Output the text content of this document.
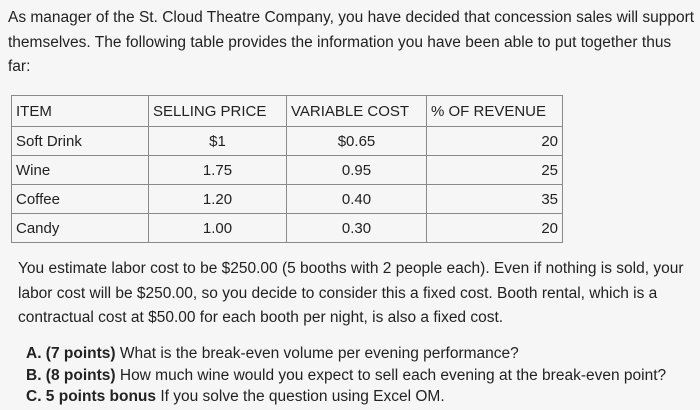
As manager of the St. Cloud Theatre Company, you have decided that concession sales will support
themselves. The following table provides the information you have been able to put together thus
far:
ITEM	SELLING PRICE	VARIABLE COST	% OF REVENUE
Soft Drink	$1	$0.65	20
Wine	1.75	0.95	25
Coffee	1.20	0.40	35
Candy	1.00	0.30	20
You estimate labor cost to be $250.00 (5 booths with 2 people each). Even if nothing is sold, your
labor cost will be $250.00, so you decide to consider this a fixed cost. Booth rental, which is a
contractual cost at $50.00 for each booth per night, is also a fixed cost.
A. (7 points) What is the break-even volume per evening performance?
B. (8 points) How much wine would you expect to sell each evening at the break-even point?
C. 5 points bonus If you solve the question using Excel OM.
